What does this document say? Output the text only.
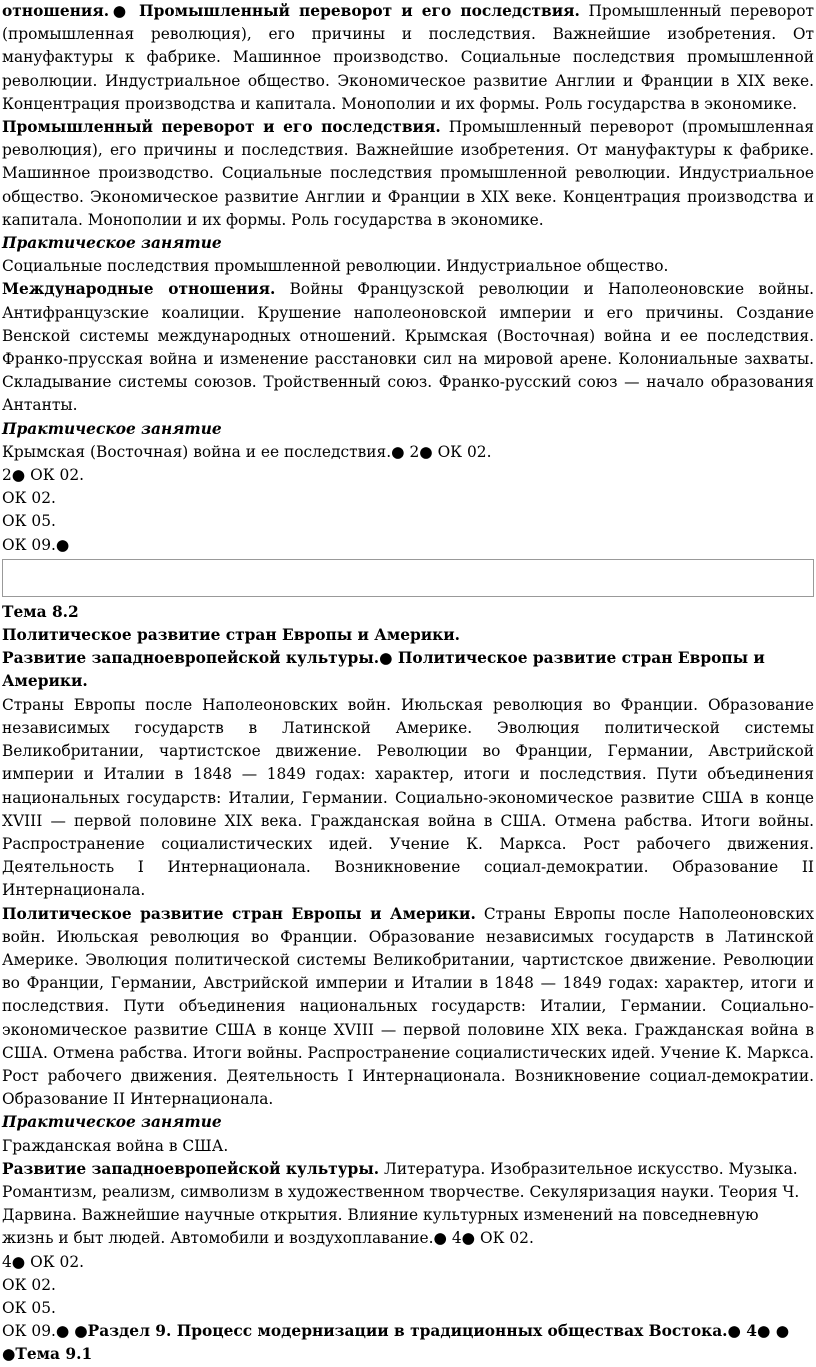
отношения.● Промышленный переворот и его последствия. Промышленный переворот (промышленная революция), его причины и последствия. Важнейшие изобретения. От мануфактуры к фабрике. Машинное производство. Социальные последствия промышленной революции. Индустриальное общество. Экономическое развитие Англии и Франции в XIX веке. Концентрация производства и капитала. Монополии и их формы. Роль государства в экономике.

Промышленный переворот и его последствия. Промышленный переворот (промышленная революция), его причины и последствия. Важнейшие изобретения. От мануфактуры к фабрике. Машинное производство. Социальные последствия промышленной революции. Индустриальное общество. Экономическое развитие Англии и Франции в XIX веке. Концентрация производства и капитала. Монополии и их формы. Роль государства в экономике.

Практическое занятие

Социальные последствия промышленной революции. Индустриальное общество.

Международные отношения. Войны Французской революции и Наполеоновские войны. Антифранцузские коалиции. Крушение наполеоновской империи и его причины. Создание Венской системы международных отношений. Крымская (Восточная) война и ее последствия. Франко-прусская война и изменение расстановки сил на мировой арене. Колониальные захваты. Складывание системы союзов. Тройственный союз. Франко-русский союз — начало образования Антанты.

Практическое занятие

Крымская (Восточная) война и ее последствия.● 2● ОК 02.

2● ОК 02.

ОК 02.

ОК 05.

ОК 09.●

Тема 8.2

Политическое развитие стран Европы и Америки.

Развитие западноевропейской культуры.● Политическое развитие стран Европы и Америки.

Страны Европы после Наполеоновских войн. Июльская революция во Франции. Образование независимых государств в Латинской Америке. Эволюция политической системы Великобритании, чартистское движение. Революции во Франции, Германии, Австрийской империи и Италии в 1848 — 1849 годах: характер, итоги и последствия. Пути объединения национальных государств: Италии, Германии. Социально-экономическое развитие США в конце XVIII — первой половине XIX века. Гражданская война в США. Отмена рабства. Итоги войны. Распространение социалистических идей. Учение К. Маркса. Рост рабочего движения. Деятельность I Интернационала. Возникновение социал-демократии. Образование II Интернационала.

Политическое развитие стран Европы и Америки. Страны Европы после Наполеоновских войн. Июльская революция во Франции. Образование независимых государств в Латинской Америке. Эволюция политической системы Великобритании, чартистское движение. Революции во Франции, Германии, Австрийской империи и Италии в 1848 — 1849 годах: характер, итоги и последствия. Пути объединения национальных государств: Италии, Германии. Социально-экономическое развитие США в конце XVIII — первой половине XIX века. Гражданская война в США. Отмена рабства. Итоги войны. Распространение социалистических идей. Учение К. Маркса. Рост рабочего движения. Деятельность I Интернационала. Возникновение социал-демократии. Образование II Интернационала.

Практическое занятие

Гражданская война в США.

Развитие западноевропейской культуры. Литература. Изобразительное искусство. Музыка. Романтизм, реализм, символизм в художественном творчестве. Секуляризация науки. Теория Ч. Дарвина. Важнейшие научные открытия. Влияние культурных изменений на повседневную жизнь и быт людей. Автомобили и воздухоплавание.● 4● ОК 02.

4● ОК 02.

ОК 02.

ОК 05.

ОК 09.● ●Раздел 9. Процесс модернизации в традиционных обществах Востока.● 4● ● ●Тема 9.1
